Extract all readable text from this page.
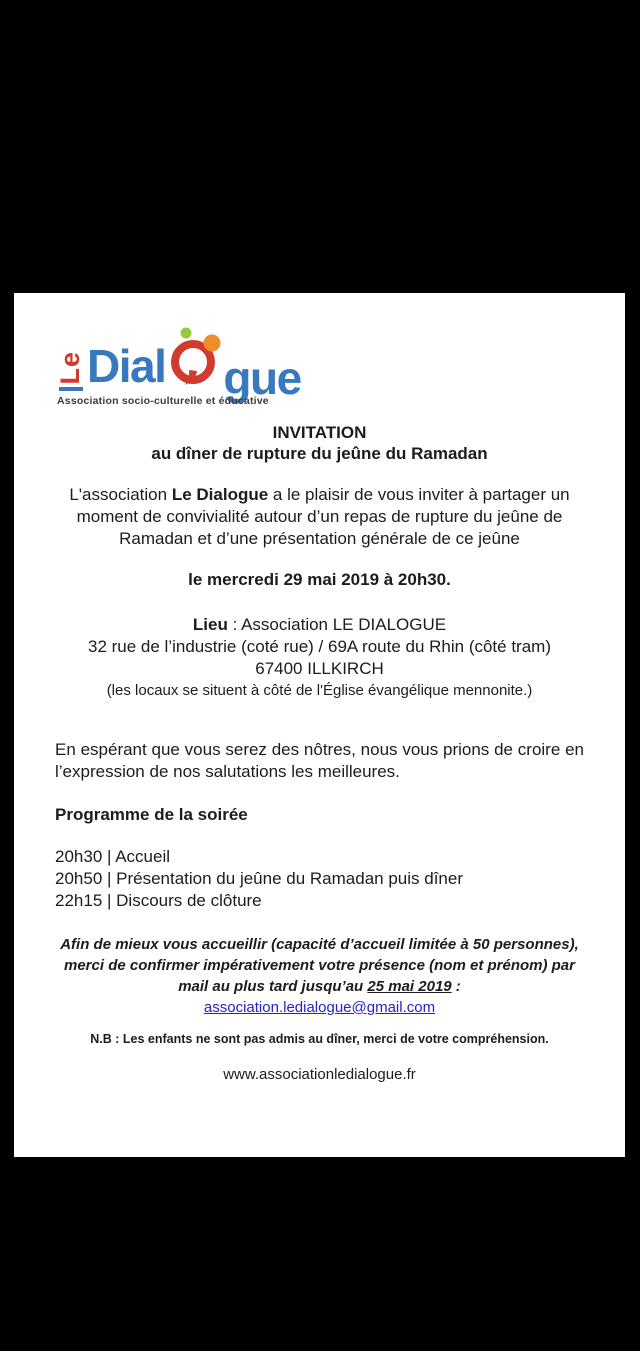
Le Dial gue
Association socio-culturelle et éducative
INVITATION
au dîner de rupture du jeûne du Ramadan
L'association Le Dialogue a le plaisir de vous inviter à partager un moment de convivialité autour d’un repas de rupture du jeûne de Ramadan et d’une présentation générale de ce jeûne
le mercredi 29 mai 2019 à 20h30.
Lieu : Association LE DIALOGUE
32 rue de l’industrie (coté rue) / 69A route du Rhin (côté tram)
67400 ILLKIRCH
(les locaux se situent à côté de l'Église évangélique mennonite.)
En espérant que vous serez des nôtres, nous vous prions de croire en l’expression de nos salutations les meilleures.
Programme de la soirée
20h30 | Accueil
20h50 | Présentation du jeûne du Ramadan puis dîner
22h15 | Discours de clôture
Afin de mieux vous accueillir (capacité d’accueil limitée à 50 personnes), merci de confirmer impérativement votre présence (nom et prénom) par mail au plus tard jusqu’au 25 mai 2019 :
association.ledialogue@gmail.com
N.B : Les enfants ne sont pas admis au dîner, merci de votre compréhension.
www.associationledialogue.fr
